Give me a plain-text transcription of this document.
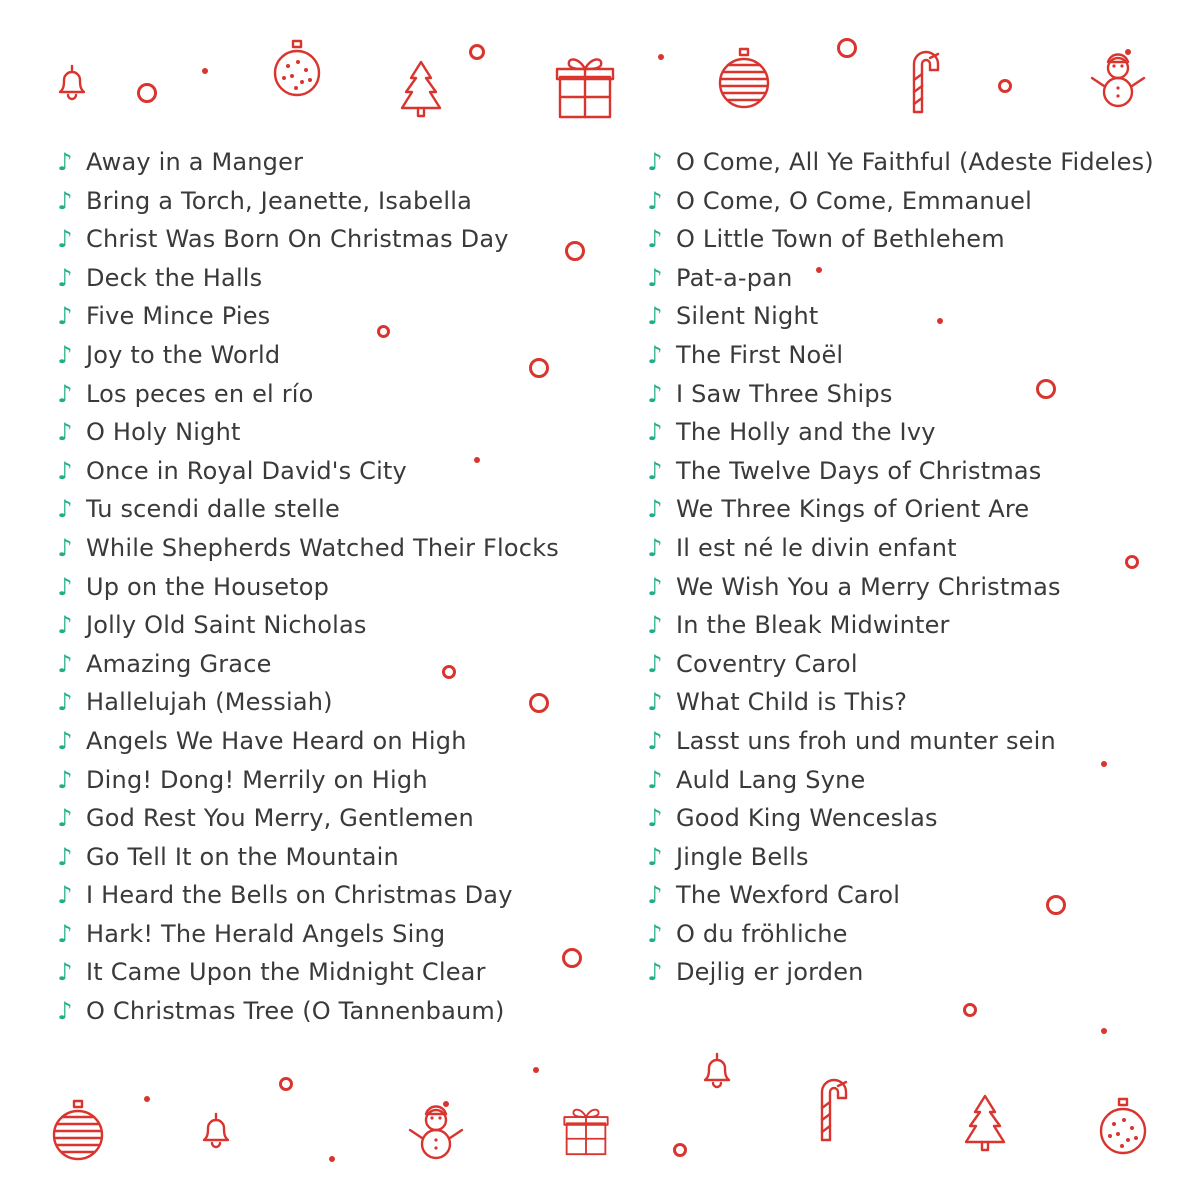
♪ Away in a Manger
♪ Bring a Torch, Jeanette, Isabella
♪ Christ Was Born On Christmas Day
♪ Deck the Halls
♪ Five Mince Pies
♪ Joy to the World
♪ Los peces en el río
♪ O Holy Night
♪ Once in Royal David's City
♪ Tu scendi dalle stelle
♪ While Shepherds Watched Their Flocks
♪ Up on the Housetop
♪ Jolly Old Saint Nicholas
♪ Amazing Grace
♪ Hallelujah (Messiah)
♪ Angels We Have Heard on High
♪ Ding! Dong! Merrily on High
♪ God Rest You Merry, Gentlemen
♪ Go Tell It on the Mountain
♪ I Heard the Bells on Christmas Day
♪ Hark! The Herald Angels Sing
♪ It Came Upon the Midnight Clear
♪ O Christmas Tree (O Tannenbaum)
♪ O Come, All Ye Faithful (Adeste Fideles)
♪ O Come, O Come, Emmanuel
♪ O Little Town of Bethlehem
♪ Pat-a-pan
♪ Silent Night
♪ The First Noël
♪ I Saw Three Ships
♪ The Holly and the Ivy
♪ The Twelve Days of Christmas
♪ We Three Kings of Orient Are
♪ Il est né le divin enfant
♪ We Wish You a Merry Christmas
♪ In the Bleak Midwinter
♪ Coventry Carol
♪ What Child is This?
♪ Lasst uns froh und munter sein
♪ Auld Lang Syne
♪ Good King Wenceslas
♪ Jingle Bells
♪ The Wexford Carol
♪ O du fröhliche
♪ Dejlig er jorden
